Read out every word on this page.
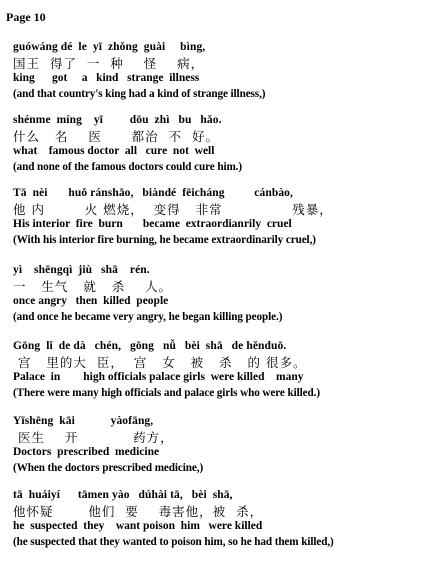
Page 10
guówáng dé  le  yī  zhǒng  guài     bìng,
国王  得了  一  种    怪    病，
king      got     a   kind   strange  illness
(and that country's king had a kind of strange illness,)
shénme  míng    yī         dōu  zhì   bu   hǎo.
什么   名    医      都治  不  好。
what    famous doctor  all   cure  not  well
(and none of the famous doctors could cure him.)
Tā  nèi       huǒ ránshāo,   biàndé  fēicháng          cánbào,
他 内        火 燃烧，  变得   非常              残暴，
His interior  fire  burn       became  extraordianrily  cruel
(With his interior fire burning, he became extraordinarily cruel,)
yì    shēngqì  jiù   shā    rén.
一   生气   就   杀    人。
once angry   then  killed  people
(and once he became very angry, he began killing people.)
Gōng  lǐ  de dà   chén,   gōng   nǚ   bèi  shā   de hěnduō.
宫   里的大  臣，  宫   女   被   杀   的 很多。
Palace  in        high officials palace girls  were killed    many
(There were many high officials and palace girls who were killed.)
Yīshēng  kāi            yàofāng,
医生    开           药方，
Doctors  prescribed  medicine
(When the doctors prescribed medicine,)
tā  huáiyí      tāmen yào   dúhài tā,   bèi  shā,
他怀疑       他们  要    毒害他，被  杀，
he  suspected  they    want poison  him   were killed
(he suspected that they wanted to poison him, so he had them killed,)
